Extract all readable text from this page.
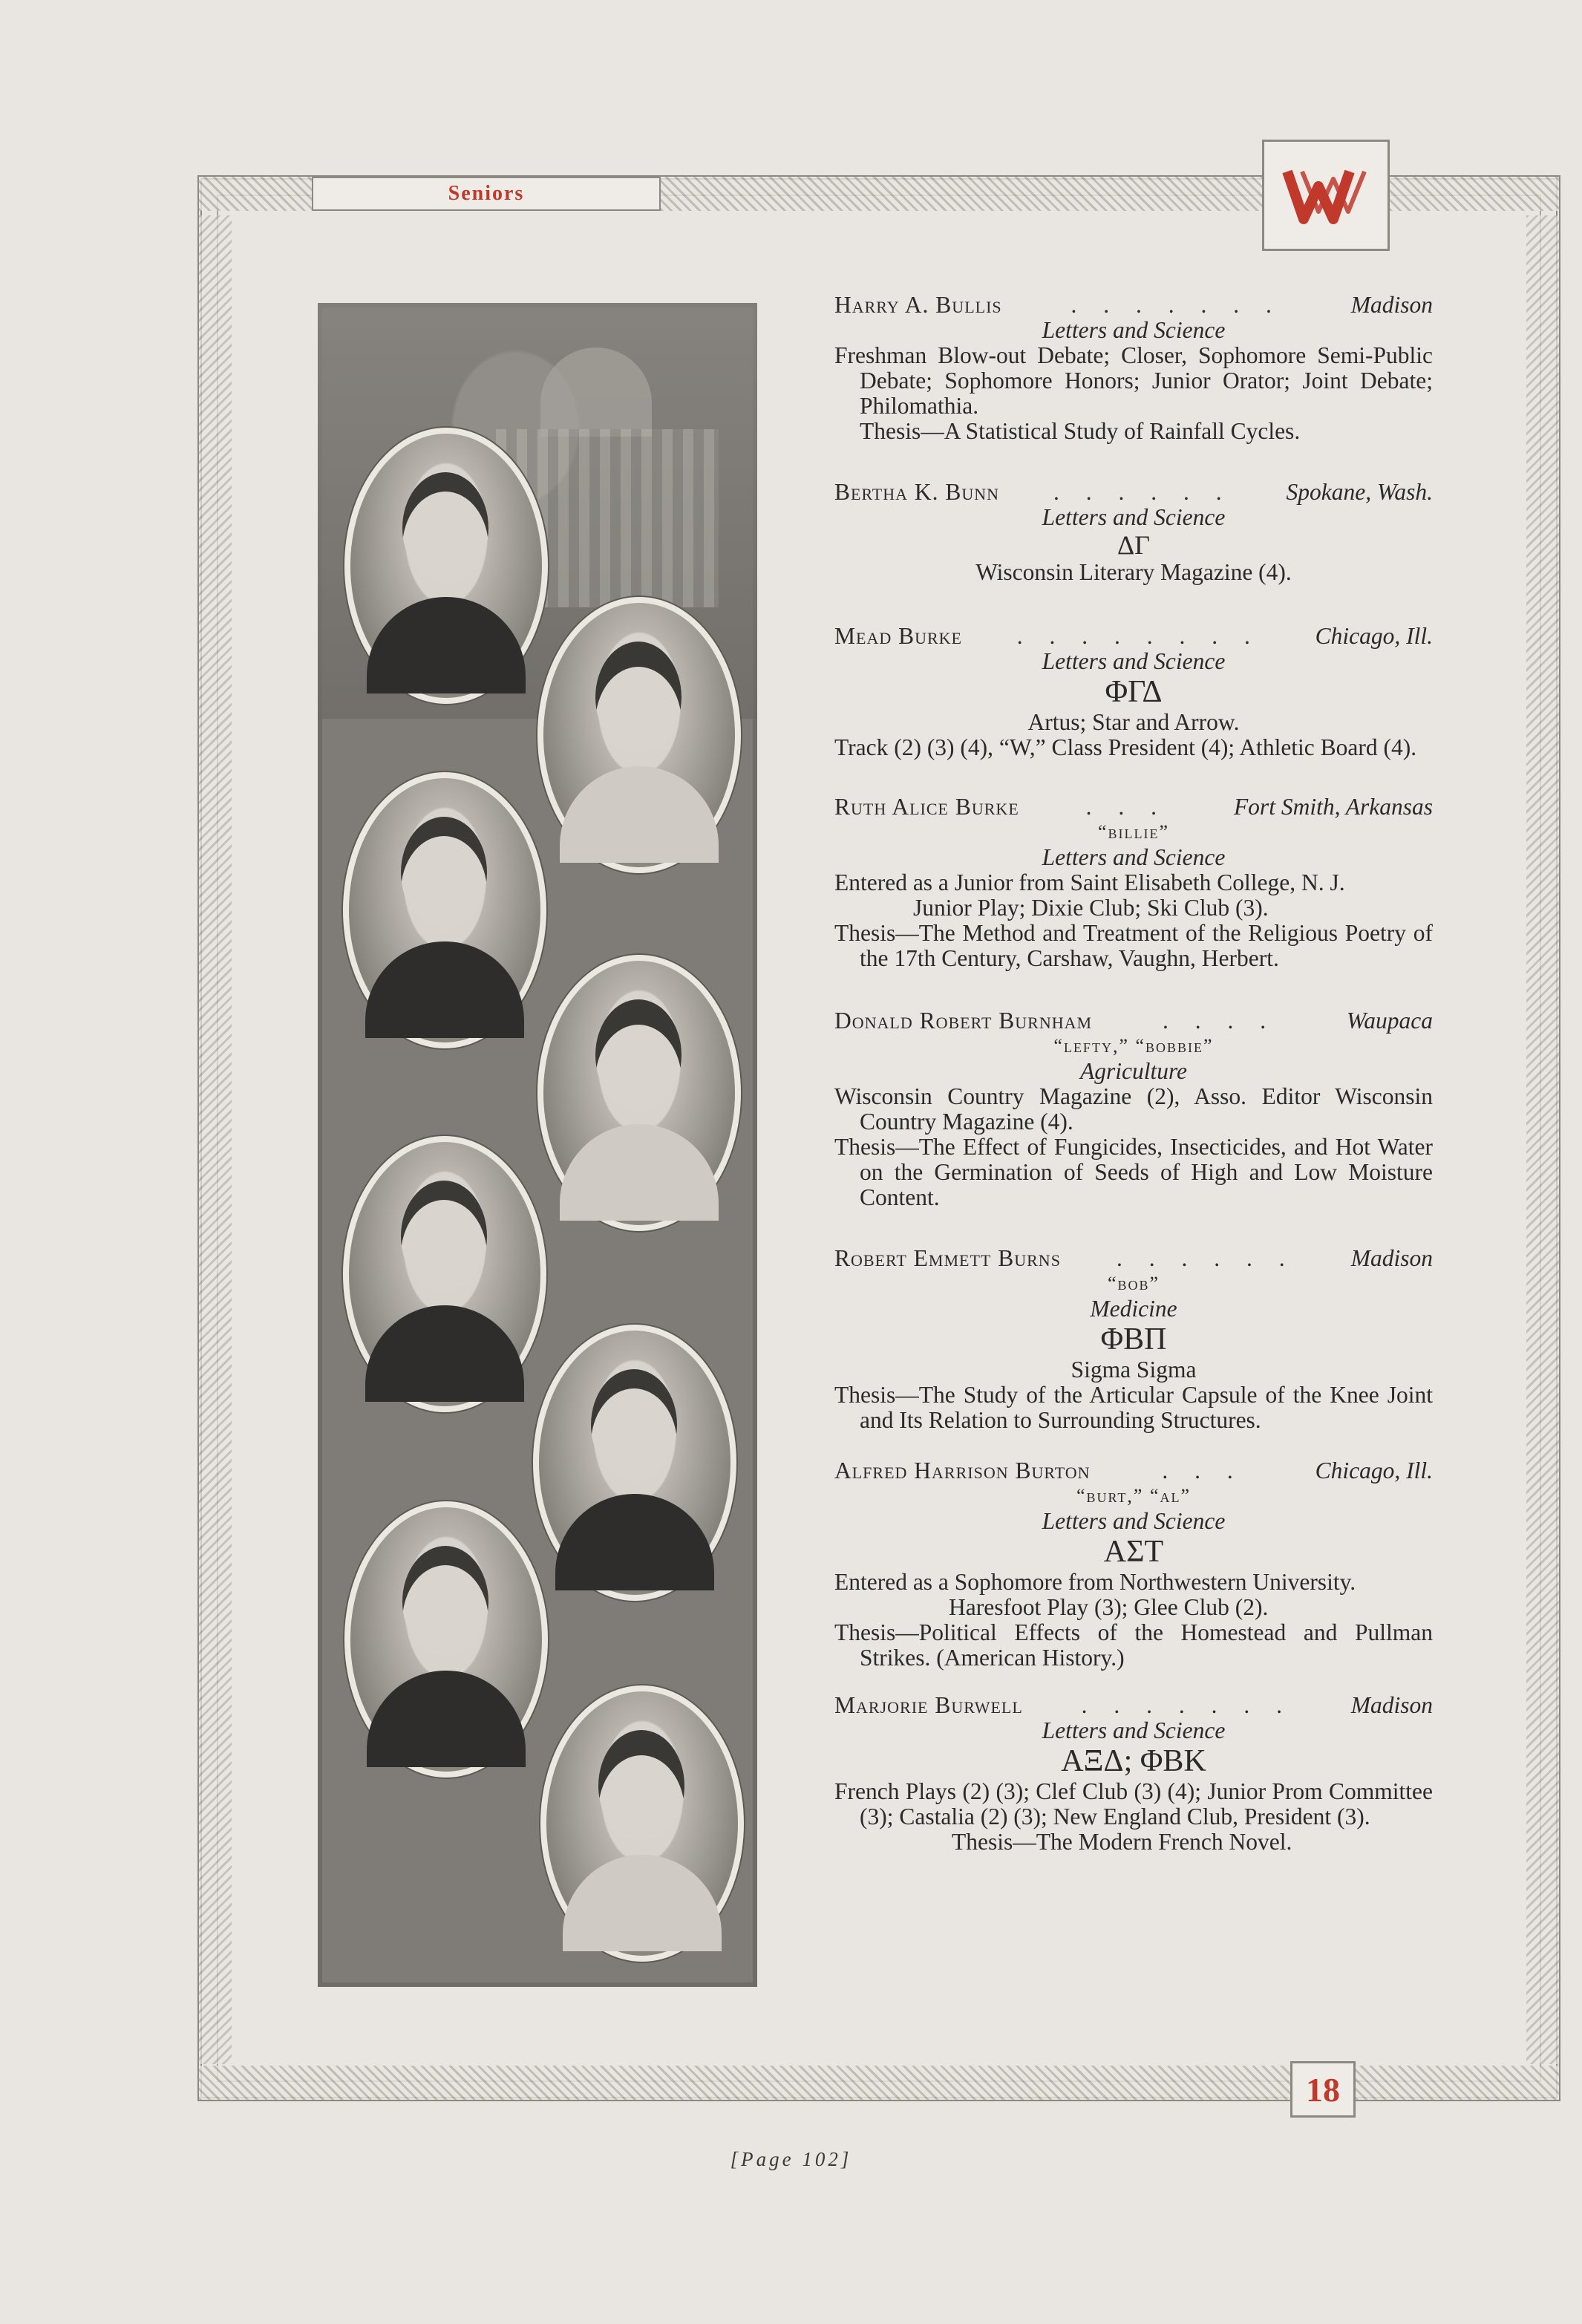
Seniors
18
Harry A. Bullis	. . . . . . .	Madison
Letters and Science
Freshman Blow-out Debate; Closer, Sophomore Semi-Public Debate; Sophomore Honors; Junior Orator; Joint Debate; Philomathia.
Thesis—A Statistical Study of Rainfall Cycles.
Bertha K. Bunn	. . . . . .	Spokane, Wash.
Letters and Science
ΔΓ
Wisconsin Literary Magazine (4).
Mead Burke	. . . . . . . .	Chicago, Ill.
Letters and Science
ΦΓΔ
Artus; Star and Arrow.
Track (2) (3) (4), “W,” Class President (4); Athletic Board (4).
Ruth Alice Burke	. . .	Fort Smith, Arkansas
“billie”
Letters and Science
Entered as a Junior from Saint Elisabeth College, N. J.
Junior Play; Dixie Club; Ski Club (3).
Thesis—The Method and Treatment of the Religious Poetry of the 17th Century, Carshaw, Vaughn, Herbert.
Donald Robert Burnham	. . . .	Waupaca
“lefty,” “bobbie”
Agriculture
Wisconsin Country Magazine (2), Asso. Editor Wisconsin Country Magazine (4).
Thesis—The Effect of Fungicides, Insecticides, and Hot Water on the Germination of Seeds of High and Low Moisture Content.
Robert Emmett Burns	. . . . . .	Madison
“bob”
Medicine
ΦΒΠ
Sigma Sigma
Thesis—The Study of the Articular Capsule of the Knee Joint and Its Relation to Surrounding Structures.
Alfred Harrison Burton	. . .	Chicago, Ill.
“burt,” “al”
Letters and Science
ΑΣΤ
Entered as a Sophomore from Northwestern University.
Haresfoot Play (3); Glee Club (2).
Thesis—Political Effects of the Homestead and Pullman Strikes. (American History.)
Marjorie Burwell	. . . . . . .	Madison
Letters and Science
ΑΞΔ; ΦΒΚ
French Plays (2) (3); Clef Club (3) (4); Junior Prom Committee (3); Castalia (2) (3); New England Club, President (3).
Thesis—The Modern French Novel.
[Page 102]
